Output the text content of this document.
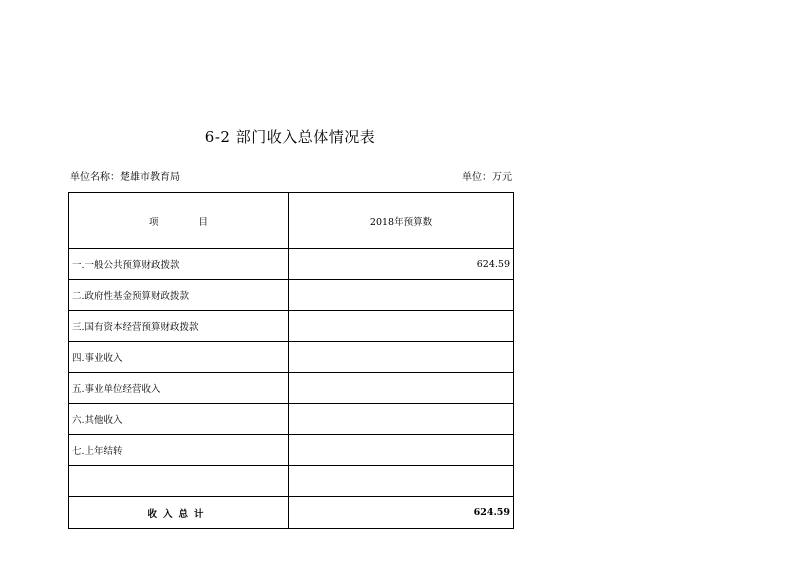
6-2 部门收入总体情况表
单位名称：楚雄市教育局	单位：万元
项 目	2018年预算数
一.一般公共预算财政拨款	624.59
二.政府性基金预算财政拨款	
三.国有资本经营预算财政拨款	
四.事业收入	
五.事业单位经营收入	
六.其他收入	
七.上年结转	

收入总计	624.59
